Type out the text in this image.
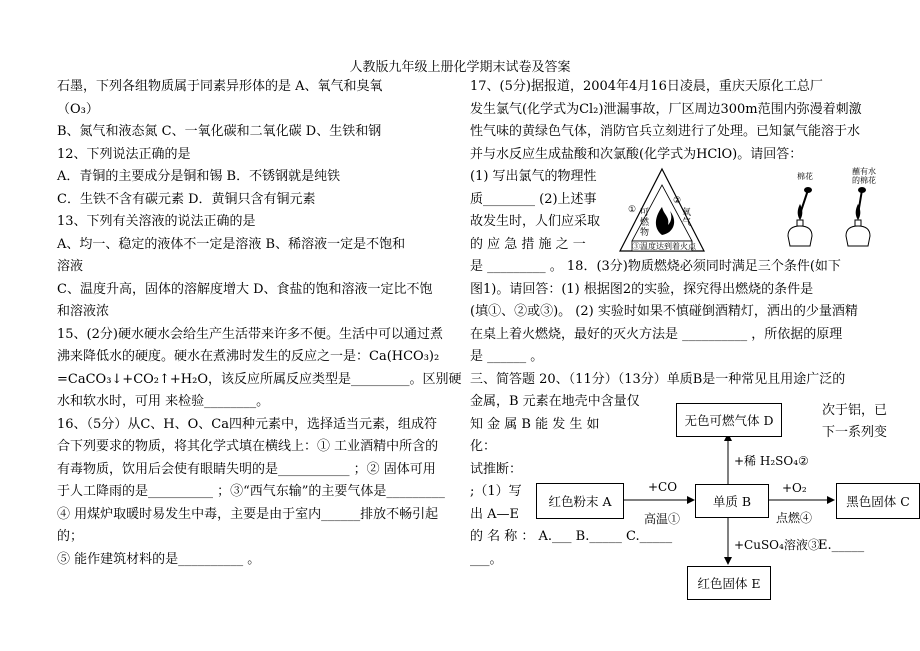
人教版九年级上册化学期末试卷及答案
石墨，下列各组物质属于同素异形体的是 A、氧气和臭氧
（O₃）
B、氮气和液态氮 C、一氧化碳和二氧化碳 D、生铁和钢
12、下列说法正确的是
A．青铜的主要成分是铜和锡 B．不锈钢就是纯铁
C．生铁不含有碳元素 D．黄铜只含有铜元素
13、下列有关溶液的说法正确的是
A、均一、稳定的液体不一定是溶液 B、稀溶液一定是不饱和
溶液
C、温度升高，固体的溶解度增大 D、食盐的饱和溶液一定比不饱
和溶液浓
15、(2分)硬水硬水会给生产生活带来许多不便。生活中可以通过煮
沸来降低水的硬度。硬水在煮沸时发生的反应之一是：Ca(HCO₃)₂
=CaCO₃↓+CO₂↑+H₂O，该反应所属反应类型是_________。区别硬
水和软水时，可用 来检验________。
16、（5分）从C、H、O、Ca四种元素中，选择适当元素，组成符
合下列要求的物质，将其化学式填在横线上：① 工业酒精中所含的
有毒物质，饮用后会使有眼睛失明的是___________ ；② 固体可用
于人工降雨的是__________ ；③“西气东输”的主要气体是_________
④ 用煤炉取暖时易发生中毒，主要是由于室内______排放不畅引起
的；
⑤ 能作建筑材料的是__________ 。
17、(5分)据报道，2004年4月16日凌晨，重庆天原化工总厂
发生氯气(化学式为Cl₂)泄漏事故，厂区周边300m范围内弥漫着刺激
性气味的黄绿色气体，消防官兵立刻进行了处理。已知氯气能溶于水
并与水反应生成盐酸和次氯酸(化学式为HClO)。请回答：
(1) 写出氯气的物理性
质________ (2)上述事
故发生时，人们应采取
的 应 急 措 施 之 一
是 _________ 。 18．(3分)物质燃烧必须同时满足三个条件(如下
图1)。请回答：(1) 根据图2的实验，探究得出燃烧的条件是
(填①、②或③)。 (2) 实验时如果不慎碰倒酒精灯，洒出的少量酒精
在桌上着火燃烧，最好的灭火方法是 __________ ，所依据的原理
是 ______ 。
三、简答题 20、（11分）（13分）单质B是一种常见且用途广泛的
金属，B 元素在地壳中含量仅
知 金 属 B 能 发 生 如
化：
试推断：
;（1）写
出 A—E
的 名 称 ： A.___ B._____ C._____
___。
① 可燃物
②
氧气
③温度达到着火点
棉花
蘸有水的棉花
红色粉末 A	单质 B	黑色固体 C
无色可燃气体 D
红色固体 E
+CO
高温①
+O₂
点燃④
+稀 H₂SO₄②
+CuSO₄溶液③
次于铝，已
下一系列变
E._____
